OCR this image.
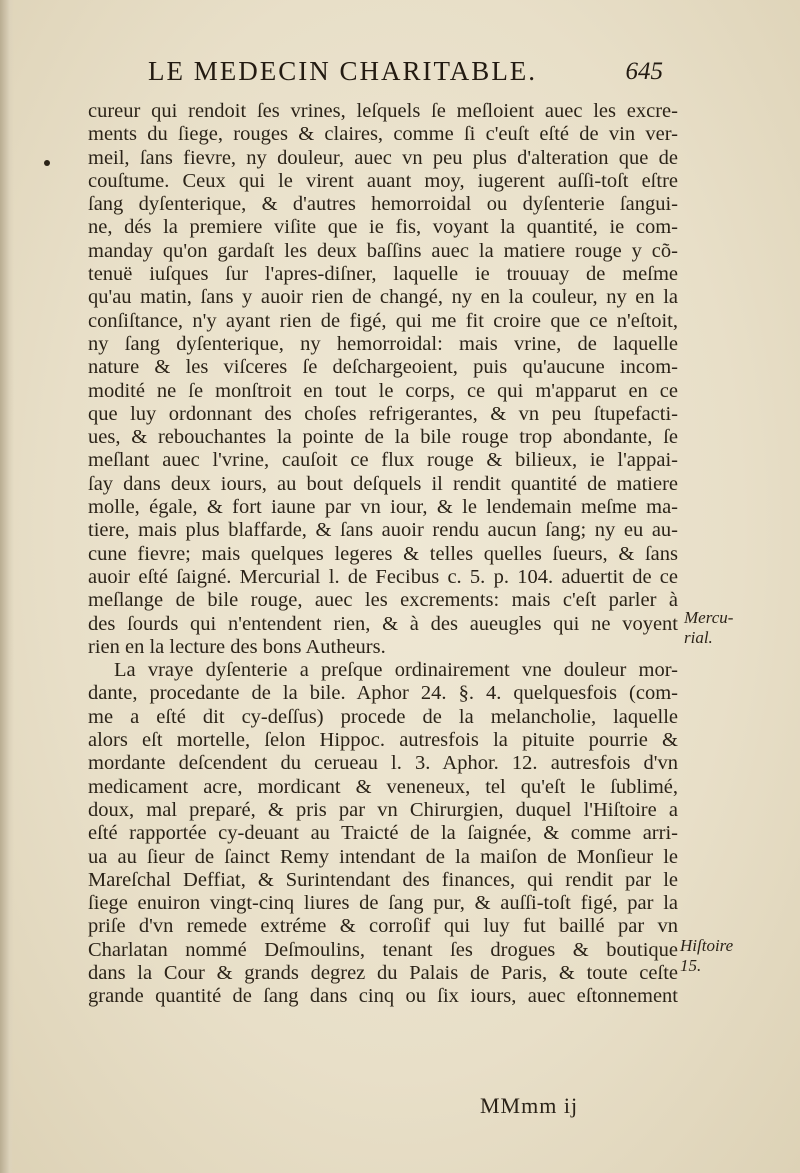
LE MEDECIN CHARITABLE.	645
cureur qui rendoit ſes vrines, leſquels ſe meſloient auec les excre-
ments du ſiege, rouges & claires, comme ſi c'euſt eſté de vin ver-
meil, ſans fievre, ny douleur, auec vn peu plus d'alteration que de
couſtume. Ceux qui le virent auant moy, iugerent auſſi-toſt eſtre
ſang dyſenterique, & d'autres hemorroidal ou dyſenterie ſangui-
ne, dés la premiere viſite que ie fis, voyant la quantité, ie com-
manday qu'on gardaſt les deux baſſins auec la matiere rouge y cõ-
tenuë iuſques ſur l'apres-diſner, laquelle ie trouuay de meſme
qu'au matin, ſans y auoir rien de changé, ny en la couleur, ny en la
conſiſtance, n'y ayant rien de figé, qui me fit croire que ce n'eſtoit,
ny ſang dyſenterique, ny hemorroidal: mais vrine, de laquelle
nature & les viſceres ſe deſchargeoient, puis qu'aucune incom-
modité ne ſe monſtroit en tout le corps, ce qui m'apparut en ce
que luy ordonnant des choſes refrigerantes, & vn peu ſtupefacti-
ues, & rebouchantes la pointe de la bile rouge trop abondante, ſe
meſlant auec l'vrine, cauſoit ce flux rouge & bilieux, ie l'appai-
ſay dans deux iours, au bout deſquels il rendit quantité de matiere
molle, égale, & fort iaune par vn iour, & le lendemain meſme ma-
tiere, mais plus blaffarde, & ſans auoir rendu aucun ſang; ny eu au-
cune fievre; mais quelques legeres & telles quelles ſueurs, & ſans
auoir eſté ſaigné. Mercurial l. de Fecibus c. 5. p. 104. aduertit de ce
meſlange de bile rouge, auec les excrements: mais c'eſt parler à
des ſourds qui n'entendent rien, & à des aueugles qui ne voyent
rien en la lecture des bons Autheurs.
La vraye dyſenterie a preſque ordinairement vne douleur mor-
dante, procedante de la bile. Aphor 24. §. 4. quelquesfois (com-
me a eſté dit cy-deſſus) procede de la melancholie, laquelle
alors eſt mortelle, ſelon Hippoc. autresfois la pituite pourrie &
mordante deſcendent du cerueau l. 3. Aphor. 12. autresfois d'vn
medicament acre, mordicant & veneneux, tel qu'eſt le ſublimé,
doux, mal preparé, & pris par vn Chirurgien, duquel l'Hiſtoire a
eſté rapportée cy-deuant au Traicté de la ſaignée, & comme arri-
ua au ſieur de ſainct Remy intendant de la maiſon de Monſieur le
Mareſchal Deffiat, & Surintendant des finances, qui rendit par le
ſiege enuiron vingt-cinq liures de ſang pur, & auſſi-toſt figé, par la
priſe d'vn remede extréme & corroſif qui luy fut baillé par vn
Charlatan nommé Deſmoulins, tenant ſes drogues & boutique
dans la Cour & grands degrez du Palais de Paris, & toute ceſte
grande quantité de ſang dans cinq ou ſix iours, auec eſtonnement
Mercu-
rial.
Hiſtoire
15.
MMmm ij
